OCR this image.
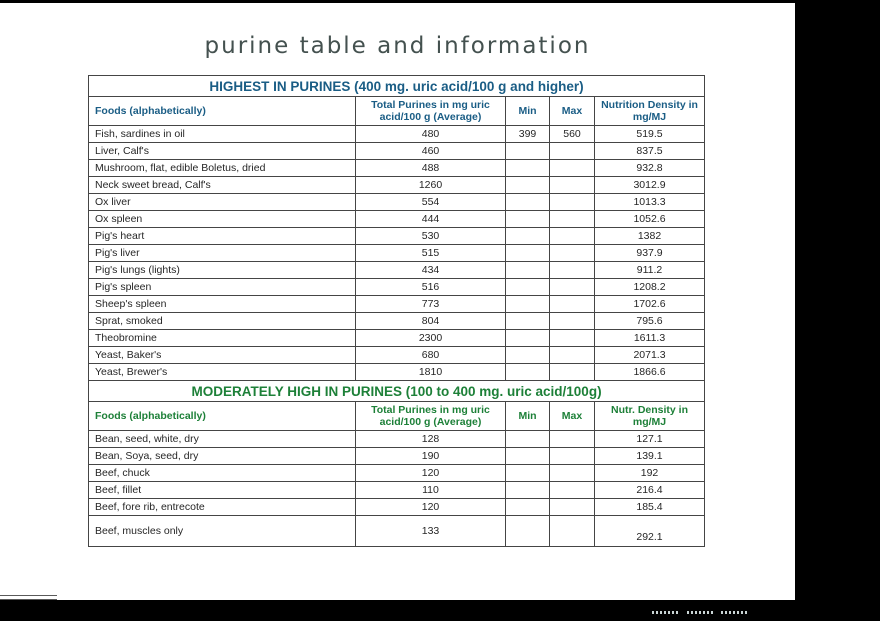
purine table and information
HIGHEST IN PURINES (400 mg. uric acid/100 g and higher)				
Foods (alphabetically)	Total Purines in mg uric acid/100 g (Average)	Min	Max	Nutrition Density in mg/MJ
Fish, sardines in oil	480	399	560	519.5
Liver, Calf's	460			837.5
Mushroom, flat, edible Boletus, dried	488			932.8
Neck sweet bread, Calf's	1260			3012.9
Ox liver	554			1013.3
Ox spleen	444			1052.6
Pig's heart	530			1382
Pig's liver	515			937.9
Pig's lungs (lights)	434			911.2
Pig's spleen	516			1208.2
Sheep's spleen	773			1702.6
Sprat, smoked	804			795.6
Theobromine	2300			1611.3
Yeast, Baker's	680			2071.3
Yeast, Brewer's	1810			1866.6
MODERATELY HIGH IN PURINES (100 to 400 mg. uric acid/100g)				
Foods (alphabetically)	Total Purines in mg uric acid/100 g (Average)	Min	Max	Nutr. Density in mg/MJ
Bean, seed, white, dry	128			127.1
Bean, Soya, seed, dry	190			139.1
Beef, chuck	120			192
Beef, fillet	110			216.4
Beef, fore rib, entrecote	120			185.4
Beef, muscles only	133			292.1
